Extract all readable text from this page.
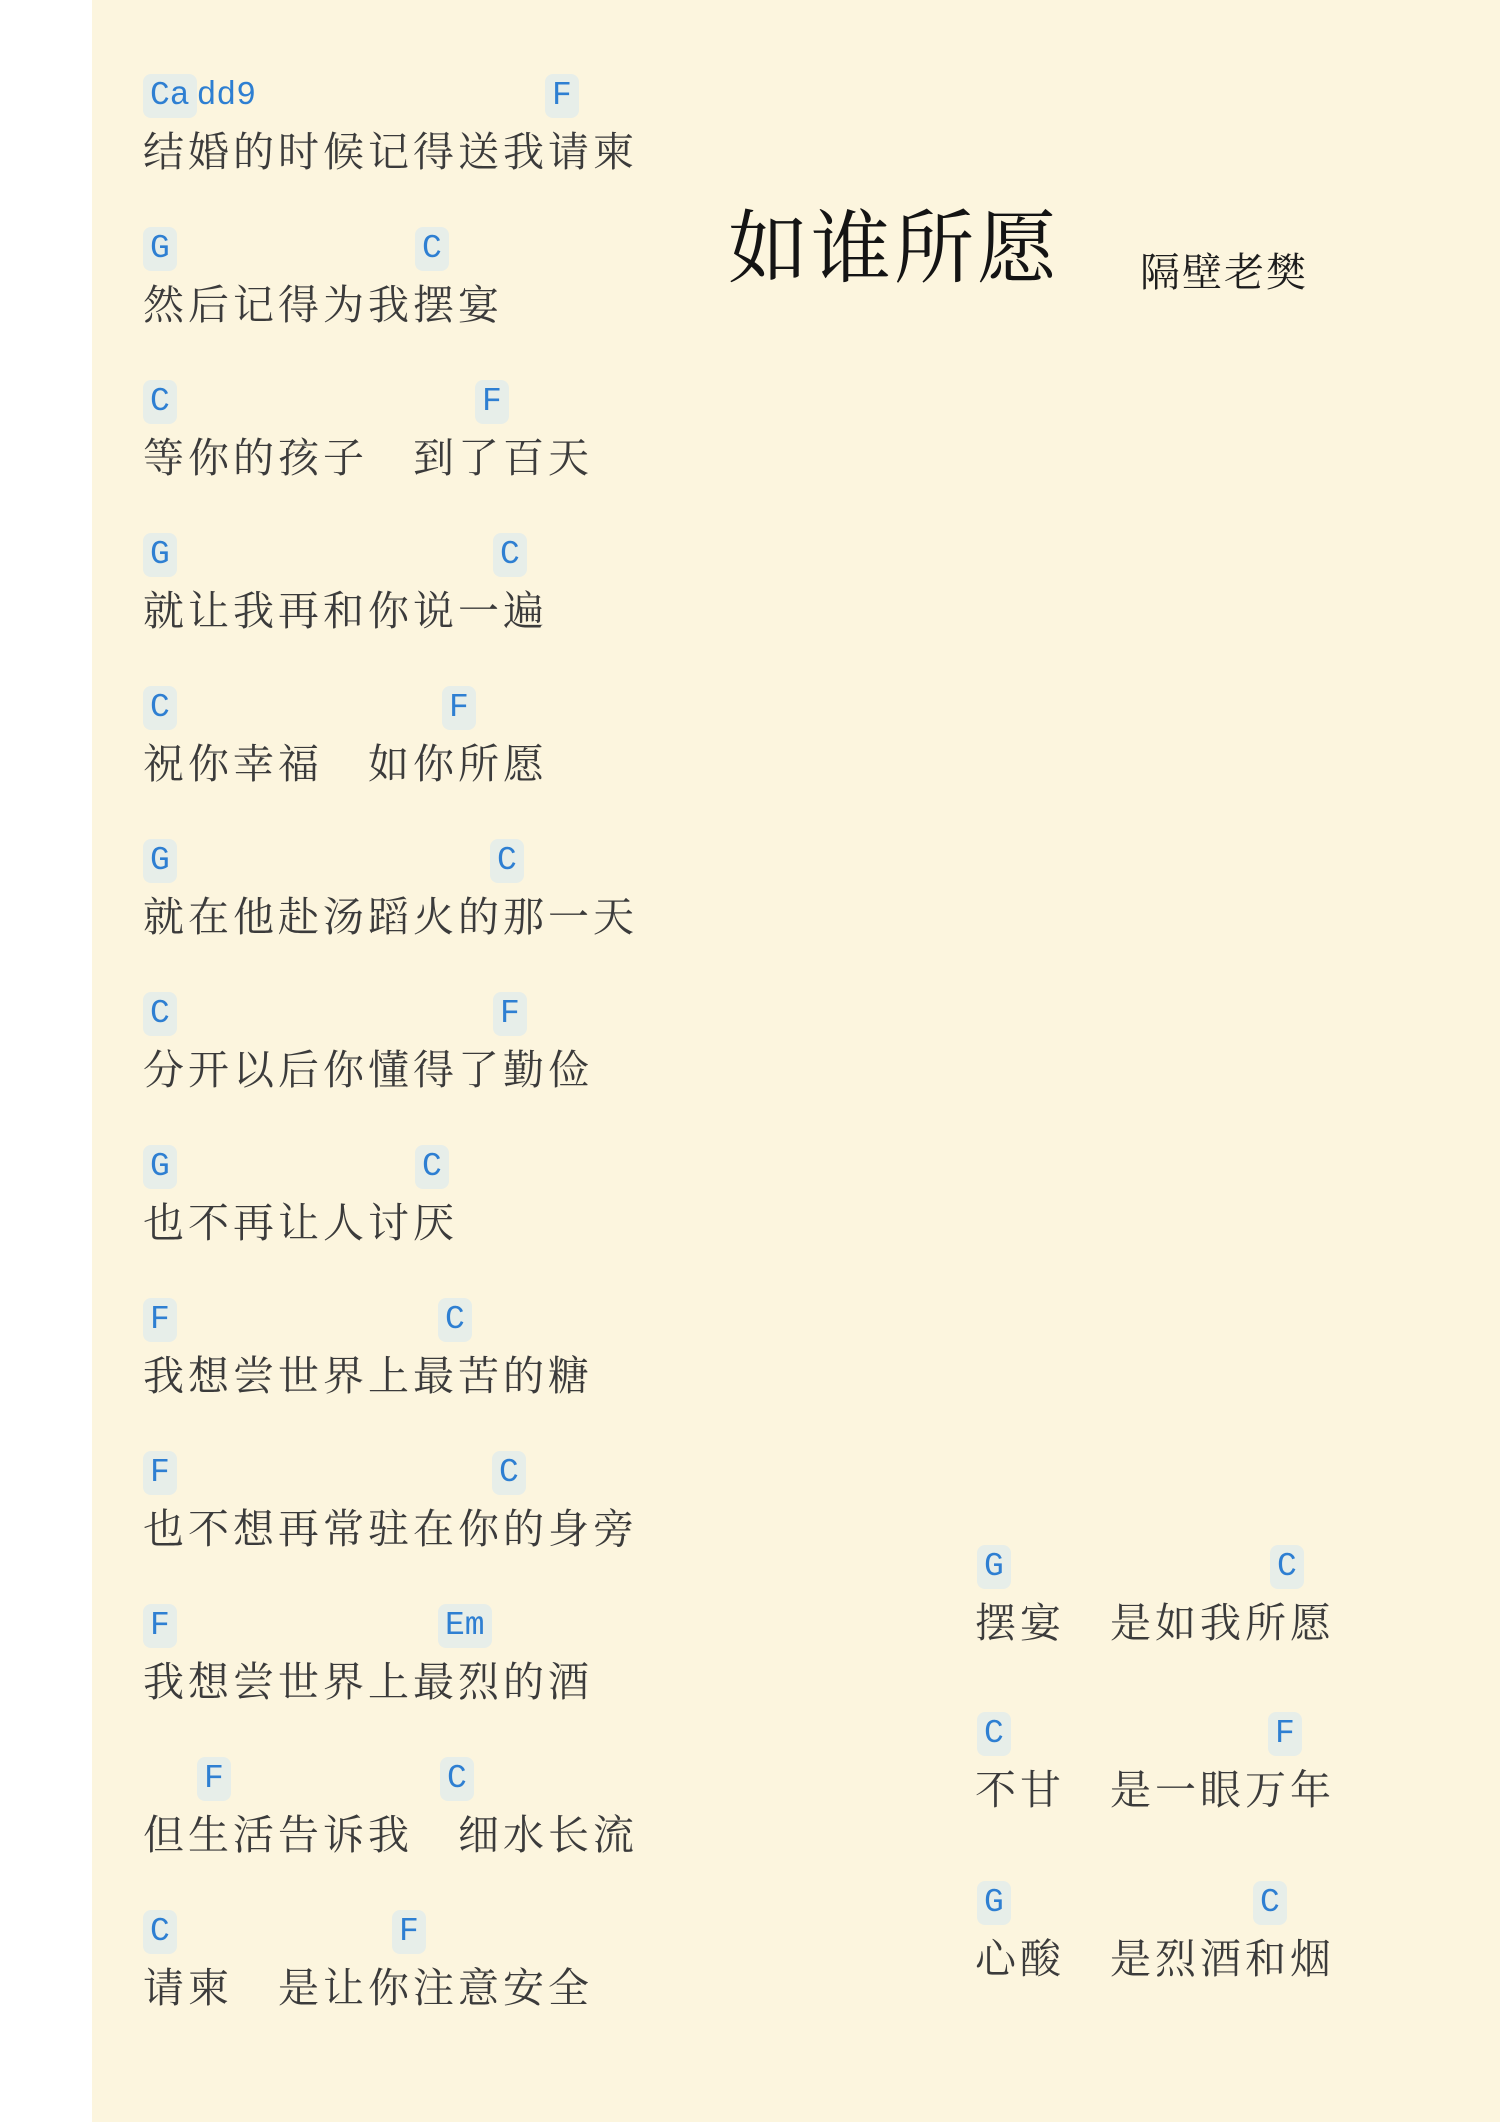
如谁所愿 隔壁老樊
Ca dd9	F
结婚的时候记得送我请柬
G	C
然后记得为我摆宴
C	F
等你的孩子　到了百天
G	C
就让我再和你说一遍
C	F
祝你幸福　如你所愿
G	C
就在他赴汤蹈火的那一天
C	F
分开以后你懂得了勤俭
G	C
也不再让人讨厌
F	C
我想尝世界上最苦的糖
F	C
也不想再常驻在你的身旁
F	Em
我想尝世界上最烈的酒
F	C
但生活告诉我　细水长流
C	F
请柬　是让你注意安全
G	C
摆宴　是如我所愿
C	F
不甘　是一眼万年
G	C
心酸　是烈酒和烟
